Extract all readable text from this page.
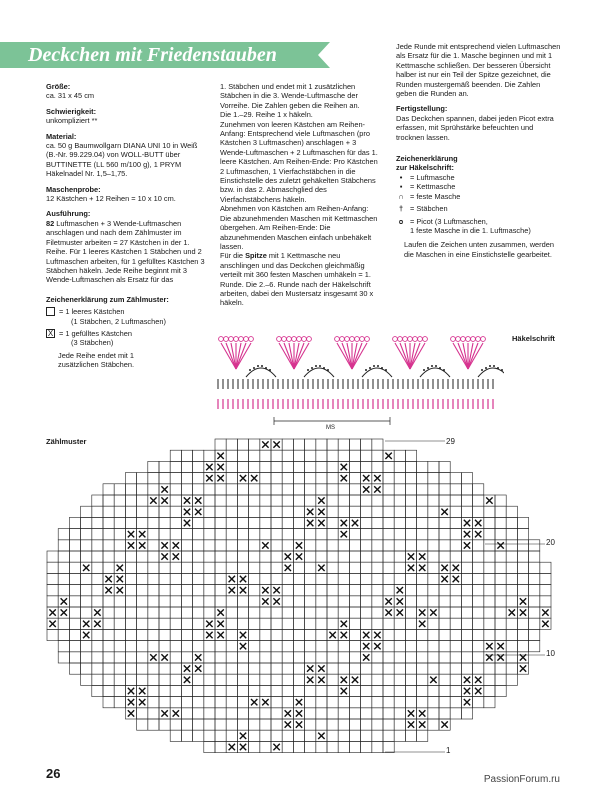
Deckchen mit Friedenstauben
Größe:

ca. 31 x 45 cm

Schwierigkeit:

unkompliziert **

Material:

ca. 50 g Baumwollgarn DIANA UNI 10 in Weiß (B.-Nr. 99.229.04) von WOLL-BUTT über BUTTINETTE (LL 560 m/100 g), 1 PRYM Häkelnadel Nr. 1,5–1,75.

Maschenprobe:

12 Kästchen + 12 Reihen = 10 x 10 cm.

Ausführung:

82 Luftmaschen + 3 Wende-Luftmaschen anschlagen und nach dem Zählmuster im Filetmuster arbeiten = 27 Kästchen in der 1. Reihe. Für 1 leeres Kästchen 1 Stäbchen und 2 Luftmaschen arbeiten, für 1 gefülltes Kästchen 3 Stäbchen häkeln. Jede Reihe beginnt mit 3 Wende-Luftmaschen als Ersatz für das

Zeichenerklärung zum Zählmuster:
= 1 leeres Kästchen
(1 Stäbchen, 2 Luftmaschen)
X = 1 gefülltes Kästchen
(3 Stäbchen)
Jede Reihe endet mit 1 zusätzlichen Stäbchen.

1. Stäbchen und endet mit 1 zusätzlichen Stäbchen in die 3. Wende-Luftmasche der Vorreihe. Die Zahlen geben die Reihen an.

Die 1.–29. Reihe 1 x häkeln.

Zunehmen von leeren Kästchen am Reihen-Anfang: Entsprechend viele Luftmaschen (pro Kästchen 3 Luftmaschen) anschlagen + 3 Wende-Luftmaschen + 2 Luftmaschen für das 1. leere Kästchen. Am Reihen-Ende: Pro Kästchen 2 Luftmaschen, 1 Vierfachstäbchen in die Einstichstelle des zuletzt gehäkelten Stäbchens bzw. in das 2. Abmaschglied des Vierfachstäbchens häkeln.

Abnehmen von Kästchen am Reihen-Anfang: Die abzunehmenden Maschen mit Kettmaschen übergehen. Am Reihen-Ende: Die abzunehmenden Maschen einfach unbehäkelt lassen.

Für die Spitze mit 1 Kettmasche neu anschlingen und das Deckchen gleichmäßig verteilt mit 360 festen Maschen umhäkeln = 1. Runde. Die 2.–6. Runde nach der Häkelschrift arbeiten, dabei den Mustersatz insgesamt 30 x häkeln.

Jede Runde mit entsprechend vielen Luftmaschen als Ersatz für die 1. Masche beginnen und mit 1 Kettmasche schließen. Der besseren Übersicht halber ist nur ein Teil der Spitze gezeichnet, die Runden mustergemäß beenden. Die Zahlen geben die Runden an.

Fertigstellung:

Das Deckchen spannen, dabei jeden Picot extra erfassen, mit Sprühstärke befeuchten und trocknen lassen.

Zeichenerklärung
zur Häkelschrift:
•	= Luftmasche
▪	= Kettmasche
∩ = feste Masche
† = Stäbchen
ᴑ = Picot (3 Luftmaschen,
1 feste Masche in die 1. Luftmasche)

Laufen die Zeichen unten zusammen, werden die Maschen in eine Einstichstelle gearbeitet.

Häkelschrift
MS
Zählmuster	29
20
10
1
26	PassionForum.ru
